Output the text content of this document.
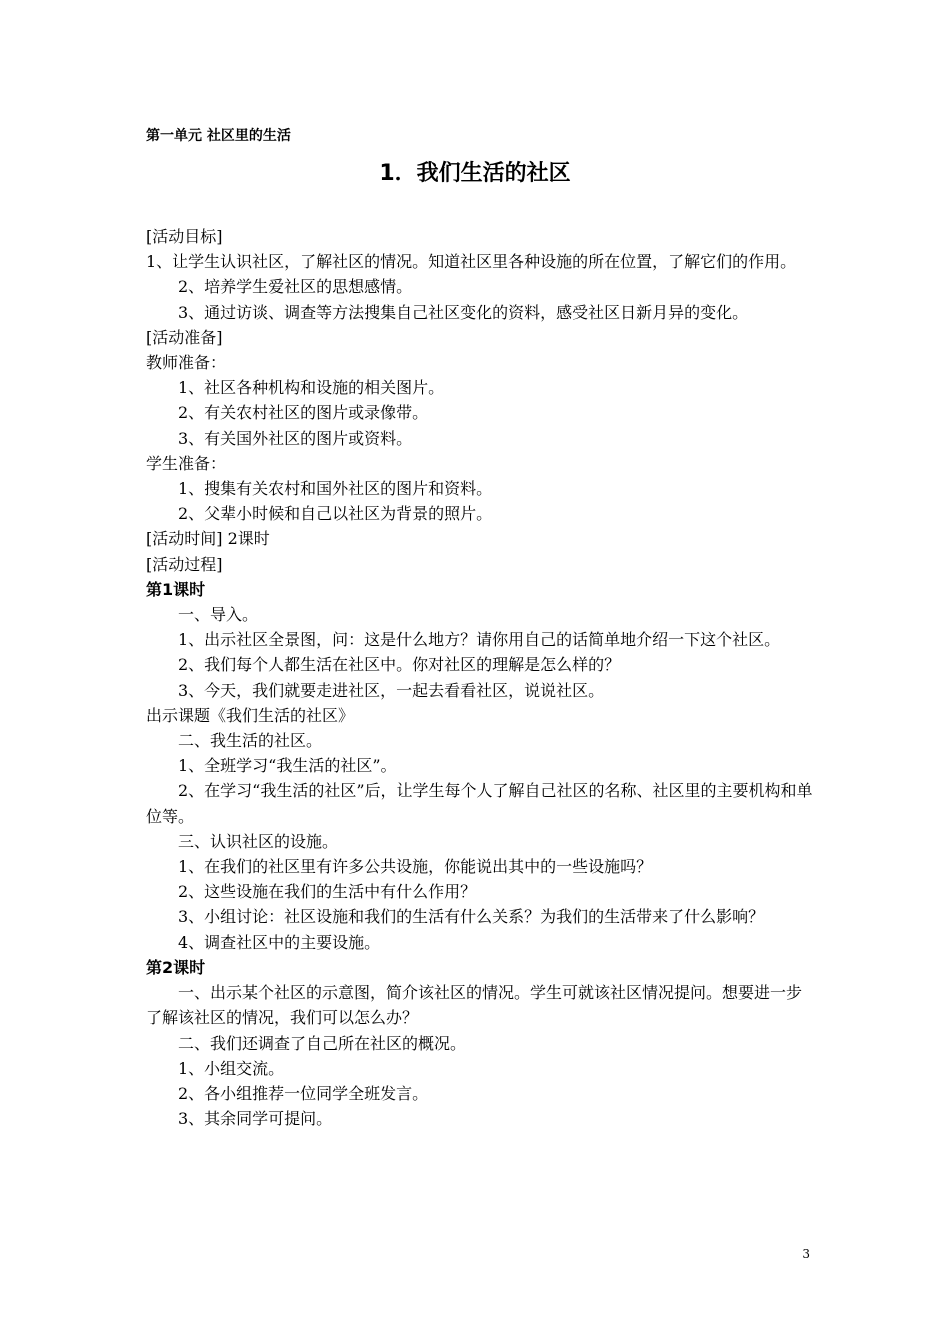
第一单元 社区里的生活
1．我们生活的社区

[活动目标]

1、让学生认识社区，了解社区的情况。知道社区里各种设施的所在位置，了解它们的作用。

2、培养学生爱社区的思想感情。

3、通过访谈、调查等方法搜集自己社区变化的资料，感受社区日新月异的变化。

[活动准备]

教师准备：

1、社区各种机构和设施的相关图片。

2、有关农村社区的图片或录像带。

3、有关国外社区的图片或资料。

学生准备：

1、搜集有关农村和国外社区的图片和资料。

2、父辈小时候和自己以社区为背景的照片。

[活动时间] 2课时

[活动过程]

第1课时

一、导入。

1、出示社区全景图，问：这是什么地方？请你用自己的话简单地介绍一下这个社区。

2、我们每个人都生活在社区中。你对社区的理解是怎么样的？

3、今天，我们就要走进社区，一起去看看社区，说说社区。

出示课题《我们生活的社区》

二、我生活的社区。

1、全班学习“我生活的社区”。

2、在学习“我生活的社区”后，让学生每个人了解自己社区的名称、社区里的主要机构和单位等。

三、认识社区的设施。

1、在我们的社区里有许多公共设施，你能说出其中的一些设施吗？

2、这些设施在我们的生活中有什么作用？

3、小组讨论：社区设施和我们的生活有什么关系？为我们的生活带来了什么影响？

4、调查社区中的主要设施。

第2课时

一、出示某个社区的示意图，简介该社区的情况。学生可就该社区情况提问。想要进一步了解该社区的情况，我们可以怎么办？

二、我们还调查了自己所在社区的概况。

1、小组交流。

2、各小组推荐一位同学全班发言。

3、其余同学可提问。

3
